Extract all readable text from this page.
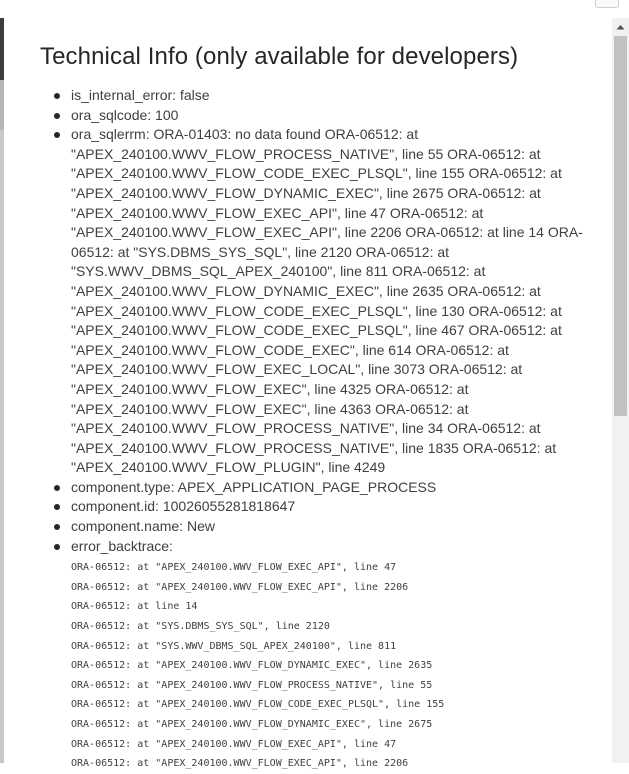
Technical Info (only available for developers)
is_internal_error: false
ora_sqlcode: 100
ora_sqlerrm: ORA-01403: no data found ORA-06512: at
"APEX_240100.WWV_FLOW_PROCESS_NATIVE", line 55 ORA-06512: at
"APEX_240100.WWV_FLOW_CODE_EXEC_PLSQL", line 155 ORA-06512: at
"APEX_240100.WWV_FLOW_DYNAMIC_EXEC", line 2675 ORA-06512: at
"APEX_240100.WWV_FLOW_EXEC_API", line 47 ORA-06512: at
"APEX_240100.WWV_FLOW_EXEC_API", line 2206 ORA-06512: at line 14 ORA-
06512: at "SYS.DBMS_SYS_SQL", line 2120 ORA-06512: at
"SYS.WWV_DBMS_SQL_APEX_240100", line 811 ORA-06512: at
"APEX_240100.WWV_FLOW_DYNAMIC_EXEC", line 2635 ORA-06512: at
"APEX_240100.WWV_FLOW_CODE_EXEC_PLSQL", line 130 ORA-06512: at
"APEX_240100.WWV_FLOW_CODE_EXEC_PLSQL", line 467 ORA-06512: at
"APEX_240100.WWV_FLOW_CODE_EXEC", line 614 ORA-06512: at
"APEX_240100.WWV_FLOW_EXEC_LOCAL", line 3073 ORA-06512: at
"APEX_240100.WWV_FLOW_EXEC", line 4325 ORA-06512: at
"APEX_240100.WWV_FLOW_EXEC", line 4363 ORA-06512: at
"APEX_240100.WWV_FLOW_PROCESS_NATIVE", line 34 ORA-06512: at
"APEX_240100.WWV_FLOW_PROCESS_NATIVE", line 1835 ORA-06512: at
"APEX_240100.WWV_FLOW_PLUGIN", line 4249
component.type: APEX_APPLICATION_PAGE_PROCESS
component.id: 10026055281818647
component.name: New
error_backtrace:
ORA-06512: at "APEX_240100.WWV_FLOW_EXEC_API", line 47
ORA-06512: at "APEX_240100.WWV_FLOW_EXEC_API", line 2206
ORA-06512: at line 14
ORA-06512: at "SYS.DBMS_SYS_SQL", line 2120
ORA-06512: at "SYS.WWV_DBMS_SQL_APEX_240100", line 811
ORA-06512: at "APEX_240100.WWV_FLOW_DYNAMIC_EXEC", line 2635
ORA-06512: at "APEX_240100.WWV_FLOW_PROCESS_NATIVE", line 55
ORA-06512: at "APEX_240100.WWV_FLOW_CODE_EXEC_PLSQL", line 155
ORA-06512: at "APEX_240100.WWV_FLOW_DYNAMIC_EXEC", line 2675
ORA-06512: at "APEX_240100.WWV_FLOW_EXEC_API", line 47
ORA-06512: at "APEX_240100.WWV_FLOW_EXEC_API", line 2206
